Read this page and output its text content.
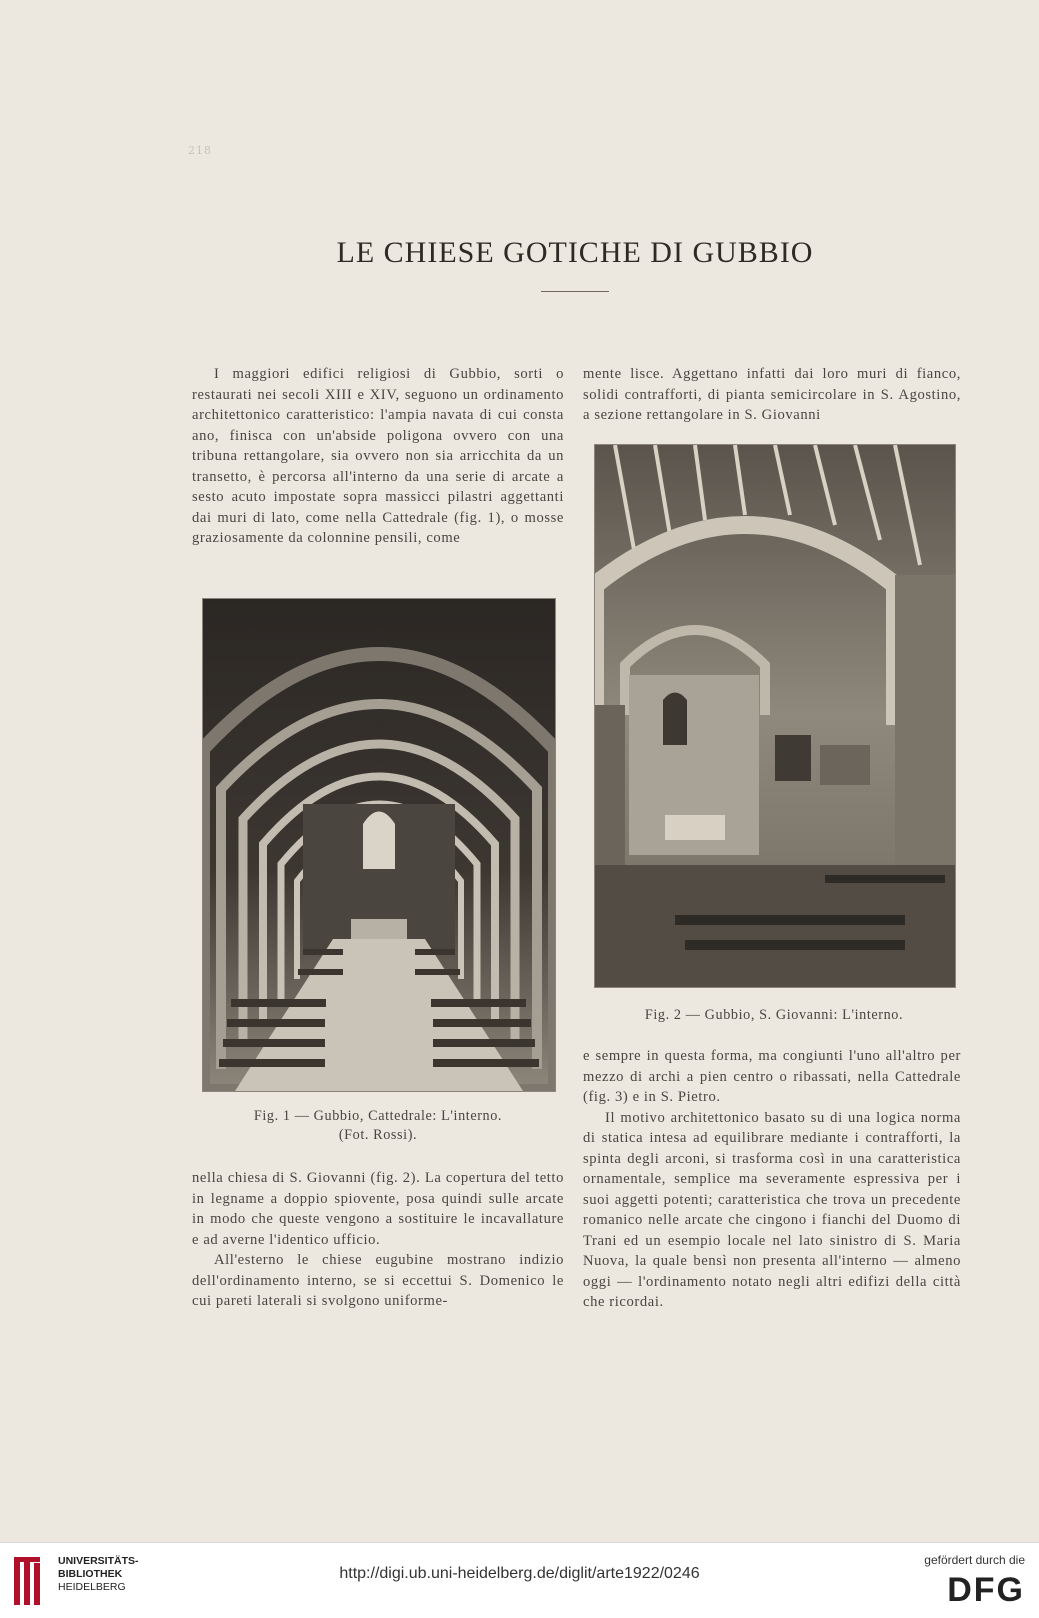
218
LE CHIESE GOTICHE DI GUBBIO

I maggiori edifici religiosi di Gubbio, sorti o restaurati nei secoli XIII e XIV, seguono un ordinamento architettonico caratteristico: l'ampia navata di cui consta ano, finisca con un'abside poligona ovvero con una tribuna rettangolare, sia ovvero non sia arricchita da un transetto, è percorsa all'interno da una serie di arcate a sesto acuto impostate sopra massicci pilastri aggettanti dai muri di lato, come nella Cattedrale (fig. 1), o mosse graziosamente da colonnine pensili, come

Fig. 1 — Gubbio, Cattedrale: L'interno.
(Fot. Rossi).

nella chiesa di S. Giovanni (fig. 2). La copertura del tetto in legname a doppio spiovente, posa quindi sulle arcate in modo che queste vengono a sostituire le incavallature e ad averne l'identico ufficio.

All'esterno le chiese eugubine mostrano indizio dell'ordinamento interno, se si eccettui S. Domenico le cui pareti laterali si svolgono uniforme-

mente lisce. Aggettano infatti dai loro muri di fianco, solidi contrafforti, di pianta semicircolare in S. Agostino, a sezione rettangolare in S. Giovanni

Fig. 2 — Gubbio, S. Giovanni: L'interno.

e sempre in questa forma, ma congiunti l'uno all'altro per mezzo di archi a pien centro o ribassati, nella Cattedrale (fig. 3) e in S. Pietro.

Il motivo architettonico basato su di una logica norma di statica intesa ad equilibrare mediante i contrafforti, la spinta degli arconi, si trasforma così in una caratteristica ornamentale, semplice ma severamente espressiva per i suoi aggetti potenti; caratteristica che trova un precedente romanico nelle arcate che cingono i fianchi del Duomo di Trani ed un esempio locale nel lato sinistro di S. Maria Nuova, la quale bensì non presenta all'interno — almeno oggi — l'ordinamento notato negli altri edifizi della città che ricordai.

UNIVERSITÄTS-
BIBLIOTHEK
HEIDELBERG
http://digi.ub.uni-heidelberg.de/diglit/arte1922/0246
gefördert durch die
DFG
